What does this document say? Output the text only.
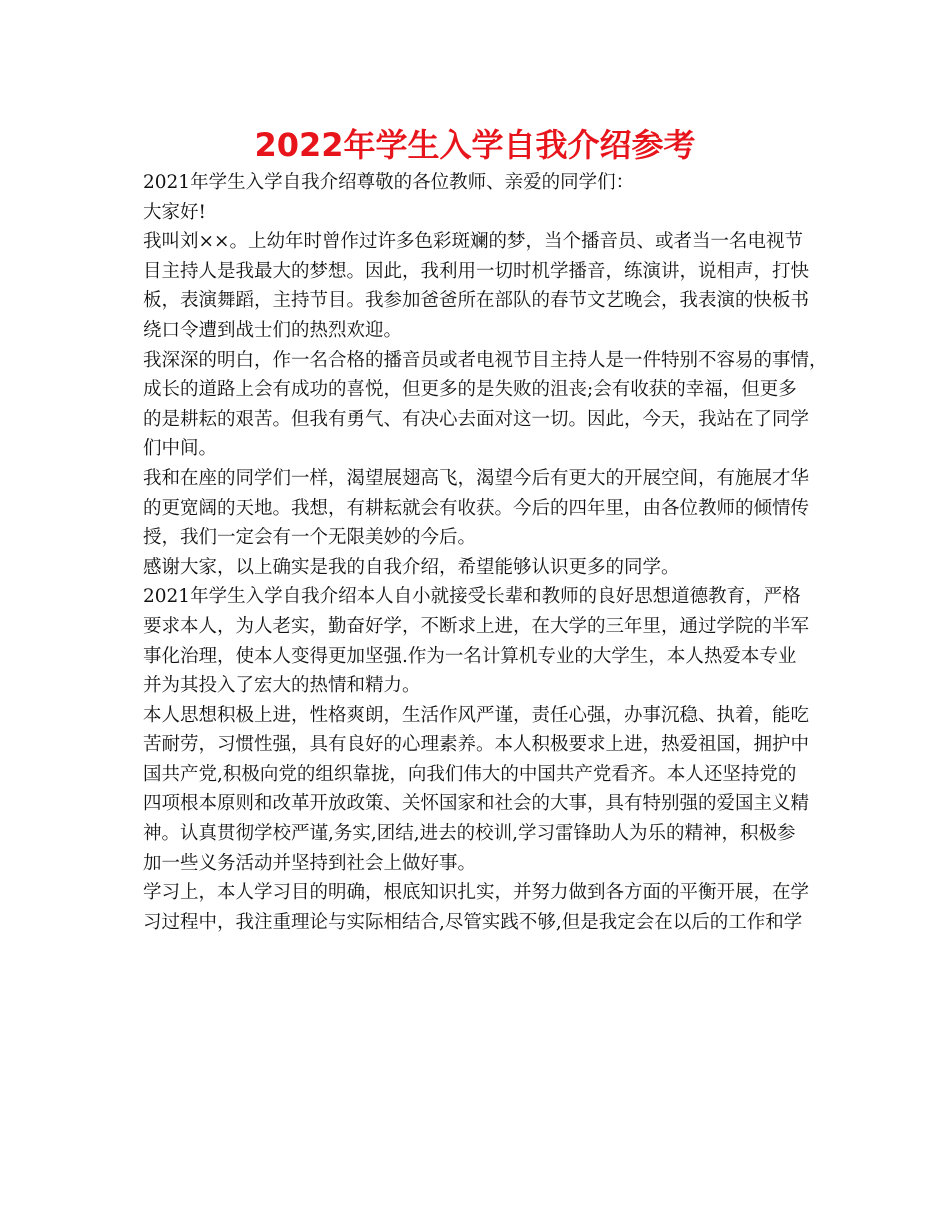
2022年学生入学自我介绍参考
2021年学生入学自我介绍尊敬的各位教师、亲爱的同学们：
大家好!
我叫刘××。上幼年时曾作过许多色彩斑斓的梦，当个播音员、或者当一名电视节
目主持人是我最大的梦想。因此，我利用一切时机学播音，练演讲，说相声，打快
板，表演舞蹈，主持节目。我参加爸爸所在部队的春节文艺晚会，我表演的快板书
绕口令遭到战士们的热烈欢迎。
我深深的明白，作一名合格的播音员或者电视节目主持人是一件特别不容易的事情，
成长的道路上会有成功的喜悦，但更多的是失败的沮丧;会有收获的幸福，但更多
的是耕耘的艰苦。但我有勇气、有决心去面对这一切。因此，今天，我站在了同学
们中间。
我和在座的同学们一样，渴望展翅高飞，渴望今后有更大的开展空间，有施展才华
的更宽阔的天地。我想，有耕耘就会有收获。今后的四年里，由各位教师的倾情传
授，我们一定会有一个无限美妙的今后。
感谢大家，以上确实是我的自我介绍，希望能够认识更多的同学。
2021年学生入学自我介绍本人自小就接受长辈和教师的良好思想道德教育，严格
要求本人，为人老实，勤奋好学，不断求上进，在大学的三年里，通过学院的半军
事化治理，使本人变得更加坚强.作为一名计算机专业的大学生，本人热爱本专业
并为其投入了宏大的热情和精力。
本人思想积极上进，性格爽朗，生活作风严谨，责任心强，办事沉稳、执着，能吃
苦耐劳，习惯性强，具有良好的心理素养。本人积极要求上进，热爱祖国，拥护中
国共产党,积极向党的组织靠拢，向我们伟大的中国共产党看齐。本人还坚持党的
四项根本原则和改革开放政策、关怀国家和社会的大事，具有特别强的爱国主义精
神。认真贯彻学校严谨,务实,团结,进去的校训,学习雷锋助人为乐的精神，积极参
加一些义务活动并坚持到社会上做好事。
学习上，本人学习目的明确，根底知识扎实，并努力做到各方面的平衡开展，在学
习过程中，我注重理论与实际相结合,尽管实践不够,但是我定会在以后的工作和学
